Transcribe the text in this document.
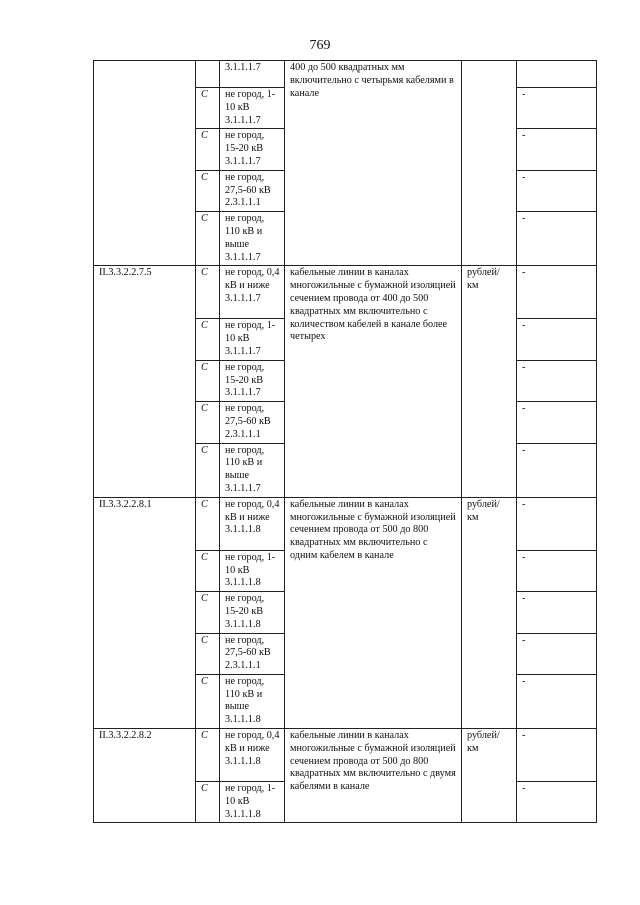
769
		3.1.1.1.7	400 до 500 квадратных мм включительно с четырьмя кабелями в канале		
	С	не город, 1-10 кВ 3.1.1.1.7			-
	С	не город, 15-20 кВ 3.1.1.1.7			-
	С	не город, 27,5-60 кВ 2.3.1.1.1			-
	С	не город, 110 кВ и выше 3.1.1.1.7			-
II.3.3.2.2.7.5	С	не город, 0,4 кВ и ниже 3.1.1.1.7	кабельные линии в каналах многожильные с бумажной изоляцией сечением провода от 400 до 500 квадратных мм включительно с количеством кабелей в канале более четырех	рублей/ км	-
	С	не город, 1-10 кВ 3.1.1.1.7			-
	С	не город, 15-20 кВ 3.1.1.1.7			-
	С	не город, 27,5-60 кВ 2.3.1.1.1			-
	С	не город, 110 кВ и выше 3.1.1.1.7			-
II.3.3.2.2.8.1	С	не город, 0,4 кВ и ниже 3.1.1.1.8	кабельные линии в каналах многожильные с бумажной изоляцией сечением провода от 500 до 800 квадратных мм включительно с одним кабелем в канале	рублей/ км	-
	С	не город, 1-10 кВ 3.1.1.1.8			-
	С	не город, 15-20 кВ 3.1.1.1.8			-
	С	не город, 27,5-60 кВ 2.3.1.1.1			-
	С	не город, 110 кВ и выше 3.1.1.1.8			-
II.3.3.2.2.8.2	С	не город, 0,4 кВ и ниже 3.1.1.1.8	кабельные линии в каналах многожильные с бумажной изоляцией сечением провода от 500 до 800 квадратных мм включительно с двумя кабелями в канале	рублей/ км	-
	С	не город, 1-10 кВ 3.1.1.1.8			-
